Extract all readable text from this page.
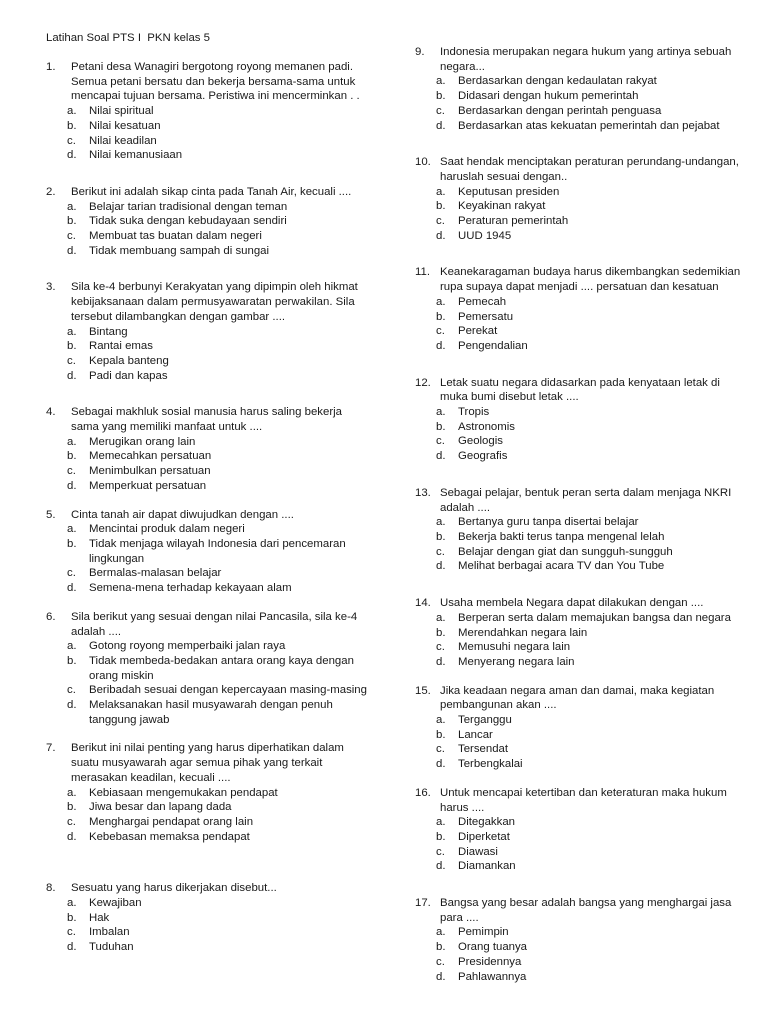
Latihan Soal PTS I  PKN kelas 5
1. Petani desa Wanagiri bergotong royong memanen padi. Semua petani bersatu dan bekerja bersama-sama untuk mencapai tujuan bersama. Peristiwa ini mencerminkan . .
a. Nilai spiritual
b. Nilai kesatuan
c. Nilai keadilan
d. Nilai kemanusiaan
2. Berikut ini adalah sikap cinta pada Tanah Air, kecuali ....
a. Belajar tarian tradisional dengan teman
b. Tidak suka dengan kebudayaan sendiri
c. Membuat tas buatan dalam negeri
d. Tidak membuang sampah di sungai
3. Sila ke-4 berbunyi Kerakyatan yang dipimpin oleh hikmat kebijaksanaan dalam permusyawaratan perwakilan. Sila tersebut dilambangkan dengan gambar ....
a. Bintang
b. Rantai emas
c. Kepala banteng
d. Padi dan kapas
4. Sebagai makhluk sosial manusia harus saling bekerja sama yang memiliki manfaat untuk ....
a. Merugikan orang lain
b. Memecahkan persatuan
c. Menimbulkan persatuan
d. Memperkuat persatuan
5. Cinta tanah air dapat diwujudkan dengan ....
a. Mencintai produk dalam negeri
b. Tidak menjaga wilayah Indonesia dari pencemaran lingkungan
c. Bermalas-malasan belajar
d. Semena-mena terhadap kekayaan alam
6. Sila berikut yang sesuai dengan nilai Pancasila, sila ke-4 adalah ....
a. Gotong royong memperbaiki jalan raya
b. Tidak membeda-bedakan antara orang kaya dengan orang miskin
c. Beribadah sesuai dengan kepercayaan masing-masing
d. Melaksanakan hasil musyawarah dengan penuh tanggung jawab
7. Berikut ini nilai penting yang harus diperhatikan dalam suatu musyawarah agar semua pihak yang terkait merasakan keadilan, kecuali ....
a. Kebiasaan mengemukakan pendapat
b. Jiwa besar dan lapang dada
c. Menghargai pendapat orang lain
d. Kebebasan memaksa pendapat
8. Sesuatu yang harus dikerjakan disebut...
a. Kewajiban
b. Hak
c. Imbalan
d. Tuduhan
9. Indonesia merupakan negara hukum yang artinya sebuah negara...
a. Berdasarkan dengan kedaulatan rakyat
b. Didasari dengan hukum pemerintah
c. Berdasarkan dengan perintah penguasa
d. Berdasarkan atas kekuatan pemerintah dan pejabat
10. Saat hendak menciptakan peraturan perundang-undangan, haruslah sesuai dengan..
a. Keputusan presiden
b. Keyakinan rakyat
c. Peraturan pemerintah
d. UUD 1945
11. Keanekaragaman budaya harus dikembangkan sedemikian rupa supaya dapat menjadi .... persatuan dan kesatuan
a. Pemecah
b. Pemersatu
c. Perekat
d. Pengendalian
12. Letak suatu negara didasarkan pada kenyataan letak di muka bumi disebut letak ....
a. Tropis
b. Astronomis
c. Geologis
d. Geografis
13. Sebagai pelajar, bentuk peran serta dalam menjaga NKRI adalah ....
a. Bertanya guru tanpa disertai belajar
b. Bekerja bakti terus tanpa mengenal lelah
c. Belajar dengan giat dan sungguh-sungguh
d. Melihat berbagai acara TV dan You Tube
14. Usaha membela Negara dapat dilakukan dengan ....
a. Berperan serta dalam memajukan bangsa dan negara
b. Merendahkan negara lain
c. Memusuhi negara lain
d. Menyerang negara lain
15. Jika keadaan negara aman dan damai, maka kegiatan pembangunan akan ....
a. Terganggu
b. Lancar
c. Tersendat
d. Terbengkalai
16. Untuk mencapai ketertiban dan keteraturan maka hukum harus ....
a. Ditegakkan
b. Diperketat
c. Diawasi
d. Diamankan
17. Bangsa yang besar adalah bangsa yang menghargai jasa para ....
a. Pemimpin
b. Orang tuanya
c. Presidennya
d. Pahlawannya
